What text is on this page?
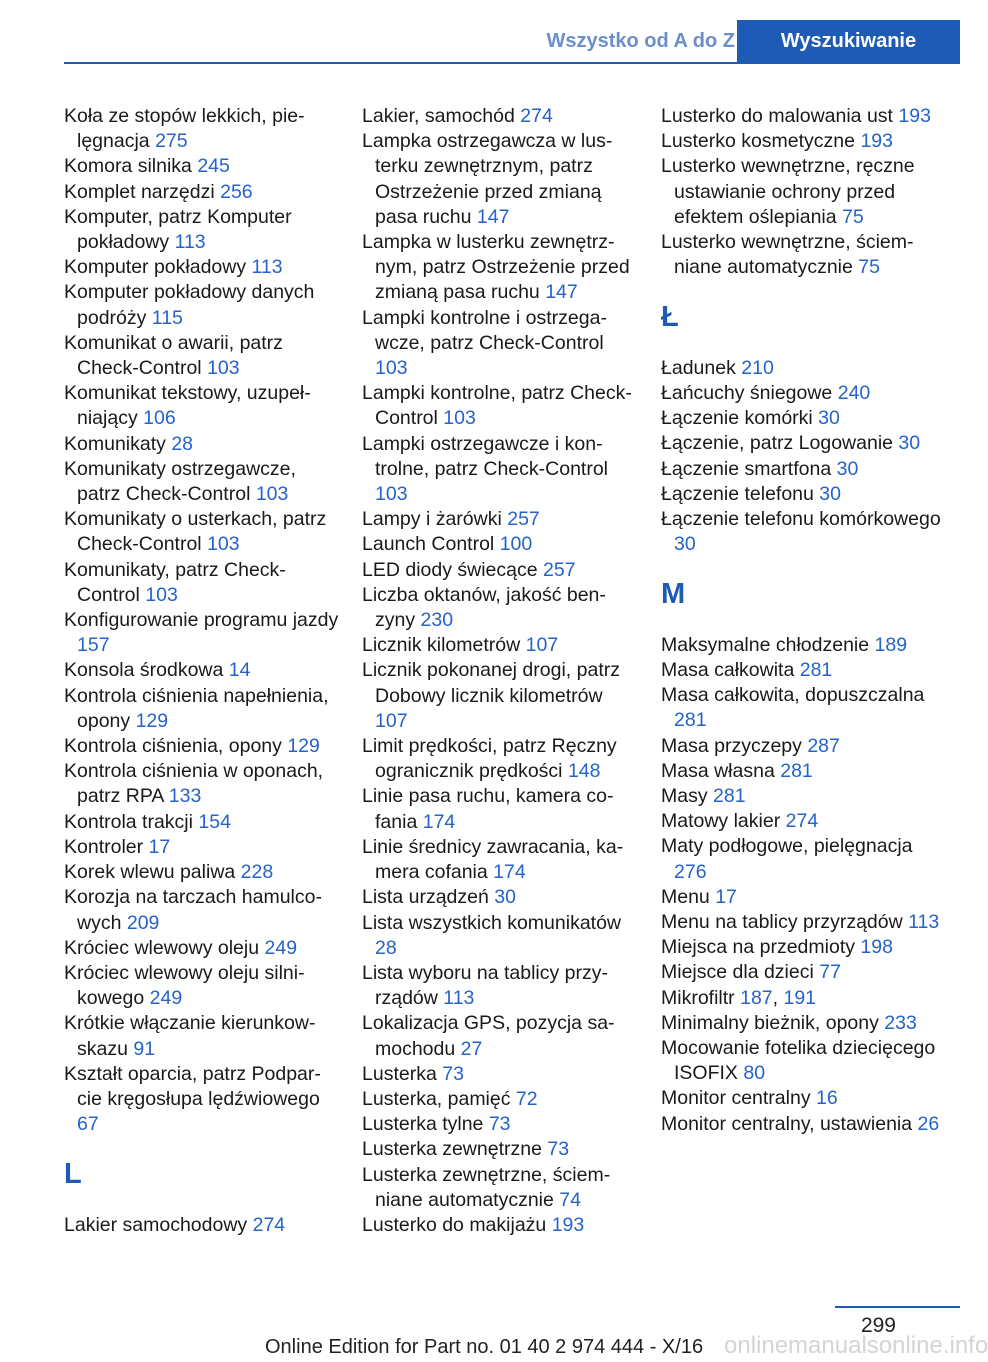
Wszystko od A do Z	Wyszukiwanie
Koła ze stopów lekkich, pielęgnacja 275
Komora silnika 245
Komplet narzędzi 256
Komputer, patrz Komputer pokładowy 113
Komputer pokładowy 113
Komputer pokładowy danych podróży 115
Komunikat o awarii, patrz Check-Control 103
Komunikat tekstowy, uzupełniający 106
Komunikaty 28
Komunikaty ostrzegawcze, patrz Check-Control 103
Komunikaty o usterkach, patrz Check-Control 103
Komunikaty, patrz Check-Control 103
Konfigurowanie programu jazdy 157
Konsola środkowa 14
Kontrola ciśnienia napełnienia, opony 129
Kontrola ciśnienia, opony 129
Kontrola ciśnienia w oponach, patrz RPA 133
Kontrola trakcji 154
Kontroler 17
Korek wlewu paliwa 228
Korozja na tarczach hamulcowych 209
Króciec wlewowy oleju 249
Króciec wlewowy oleju silnikowego 249
Krótkie włączanie kierunkowskazu 91
Kształt oparcia, patrz Podparcie kręgosłupa lędźwiowego 67
L
Lakier samochodowy 274
Lakier, samochód 274
Lampka ostrzegawcza w lusterku zewnętrznym, patrz Ostrzeżenie przed zmianą pasa ruchu 147
Lampka w lusterku zewnętrznym, patrz Ostrzeżenie przed zmianą pasa ruchu 147
Lampki kontrolne i ostrzegawcze, patrz Check-Control 103
Lampki kontrolne, patrz Check-Control 103
Lampki ostrzegawcze i kontrolne, patrz Check-Control 103
Lampy i żarówki 257
Launch Control 100
LED diody świecące 257
Liczba oktanów, jakość benzyny 230
Licznik kilometrów 107
Licznik pokonanej drogi, patrz Dobowy licznik kilometrów 107
Limit prędkości, patrz Ręczny ogranicznik prędkości 148
Linie pasa ruchu, kamera cofania 174
Linie średnicy zawracania, kamera cofania 174
Lista urządzeń 30
Lista wszystkich komunikatów 28
Lista wyboru na tablicy przyrządów 113
Lokalizacja GPS, pozycja samochodu 27
Lusterka 73
Lusterka, pamięć 72
Lusterka tylne 73
Lusterka zewnętrzne 73
Lusterka zewnętrzne, ściemniane automatycznie 74
Lusterko do makijażu 193
Lusterko do malowania ust 193
Lusterko kosmetyczne 193
Lusterko wewnętrzne, ręczne ustawianie ochrony przed efektem oślepiania 75
Lusterko wewnętrzne, ściemniane automatycznie 75
Ł
Ładunek 210
Łańcuchy śniegowe 240
Łączenie komórki 30
Łączenie, patrz Logowanie 30
Łączenie smartfona 30
Łączenie telefonu 30
Łączenie telefonu komórkowego 30
M
Maksymalne chłodzenie 189
Masa całkowita 281
Masa całkowita, dopuszczalna 281
Masa przyczepy 287
Masa własna 281
Masy 281
Matowy lakier 274
Maty podłogowe, pielęgnacja 276
Menu 17
Menu na tablicy przyrządów 113
Miejsca na przedmioty 198
Miejsce dla dzieci 77
Mikrofiltr 187, 191
Minimalny bieżnik, opony 233
Mocowanie fotelika dziecięcego ISOFIX 80
Monitor centralny 16
Monitor centralny, ustawienia 26
299
Online Edition for Part no. 01 40 2 974 444 - X/16 onlinemanualsonline.info
